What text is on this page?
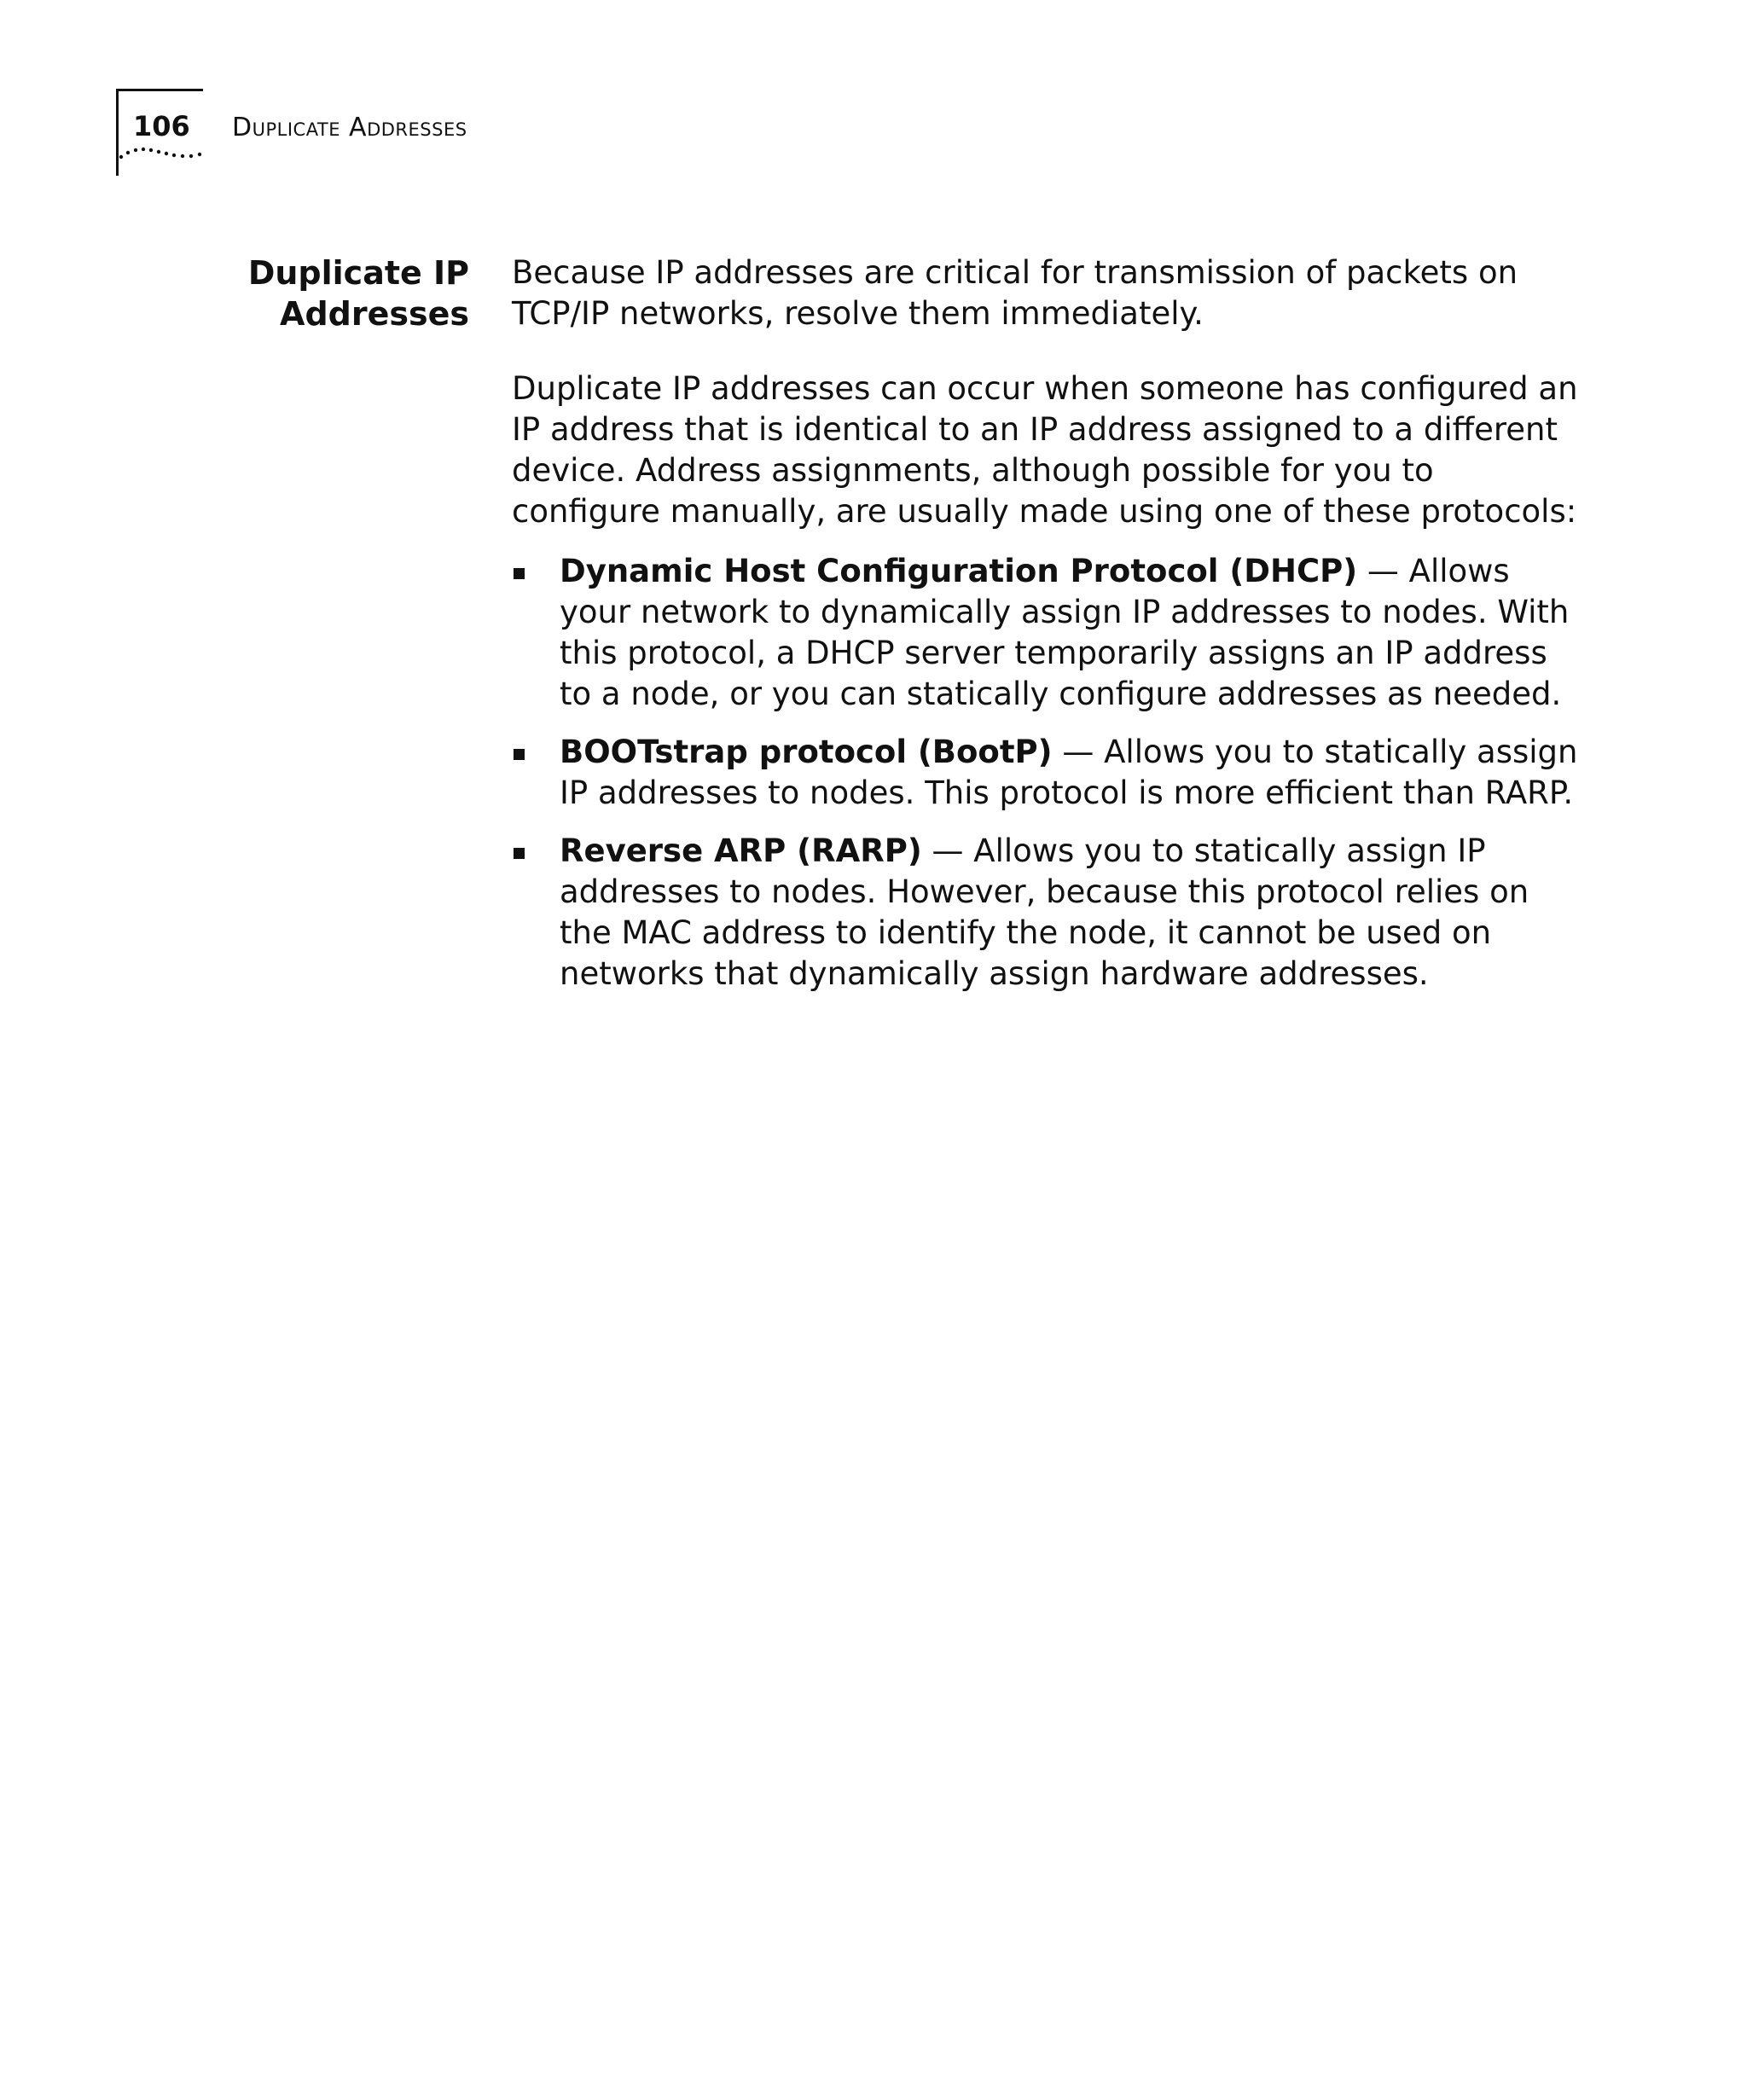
106 Duplicate Addresses
Duplicate IP
Addresses

Because IP addresses are critical for transmission of packets on TCP/IP networks, resolve them immediately.

Duplicate IP addresses can occur when someone has configured an IP address that is identical to an IP address assigned to a different device. Address assignments, although possible for you to configure manually, are usually made using one of these protocols:

Dynamic Host Configuration Protocol (DHCP) — Allows your network to dynamically assign IP addresses to nodes. With this protocol, a DHCP server temporarily assigns an IP address to a node, or you can statically configure addresses as needed.
BOOTstrap protocol (BootP) — Allows you to statically assign IP addresses to nodes. This protocol is more efficient than RARP.
Reverse ARP (RARP) — Allows you to statically assign IP addresses to nodes. However, because this protocol relies on the MAC address to identify the node, it cannot be used on networks that dynamically assign hardware addresses.
